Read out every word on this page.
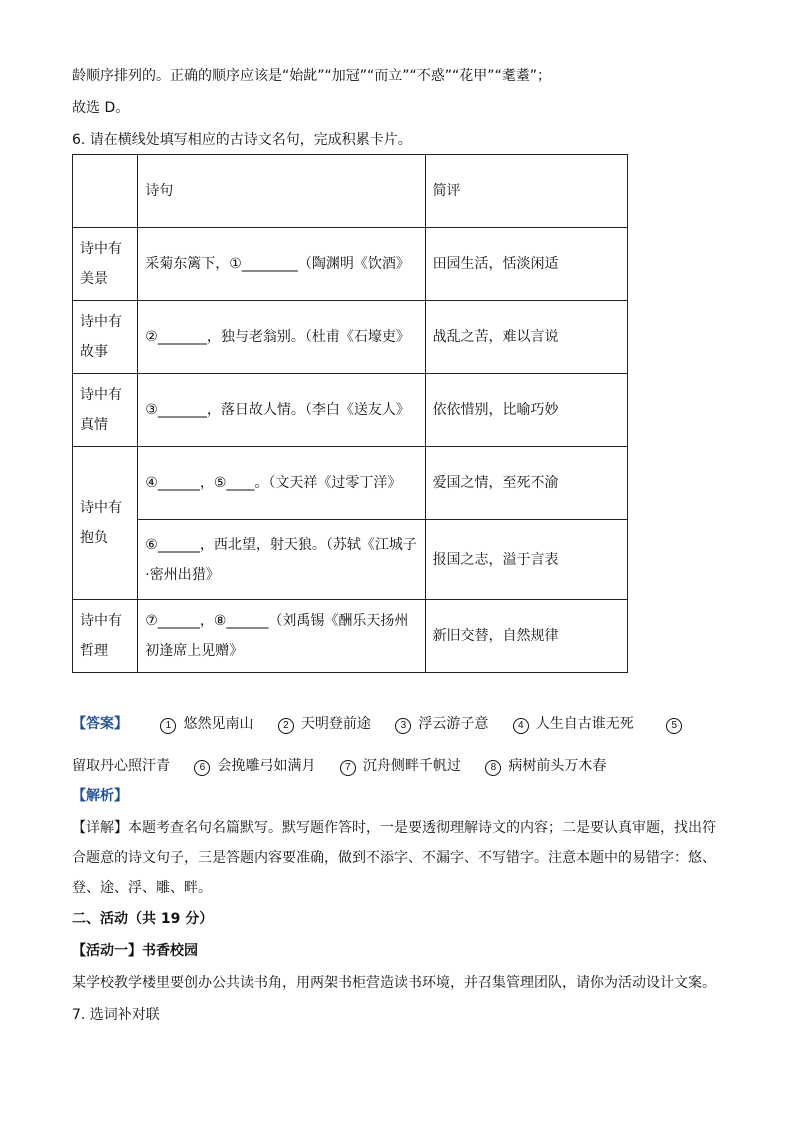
龄顺序排列的。正确的顺序应该是“始龀”“加冠”“而立”“不惑”“花甲”“耄耋”；
故选 D。
6. 请在横线处填写相应的古诗文名句，完成积累卡片。
	诗句	简评
诗中有美景	采菊东篱下，①________（陶渊明《饮酒》	田园生活，恬淡闲适
诗中有故事	②_______，独与老翁别。（杜甫《石壕吏》	战乱之苦，难以言说
诗中有真情	③_______，落日故人情。（李白《送友人》	依依惜别，比喻巧妙
诗中有抱负	④______，⑤____。（文天祥《过零丁洋》	爱国之情，至死不渝
	⑥______，西北望，射天狼。（苏轼《江城子·密州出猎》	报国之志，溢于言表
诗中有哲理	⑦______，⑧______（刘禹锡《酬乐天扬州初逢席上见赠》	新旧交替，自然规律
【答案】	1 悠然见南山	2 天明登前途	3 浮云游子意	4 人生自古谁无死	5
留取丹心照汗青	6 会挽雕弓如满月	7 沉舟侧畔千帆过	8 病树前头万木春
【解析】
【详解】本题考查名句名篇默写。默写题作答时，一是要透彻理解诗文的内容；二是要认真审题，找出符合题意的诗文句子，三是答题内容要准确，做到不添字、不漏字、不写错字。注意本题中的易错字：悠、登、途、浮、雕、畔。
二、活动（共 19 分）
【活动一】书香校园
某学校教学楼里要创办公共读书角，用两架书柜营造读书环境，并召集管理团队，请你为活动设计文案。
7. 选词补对联
